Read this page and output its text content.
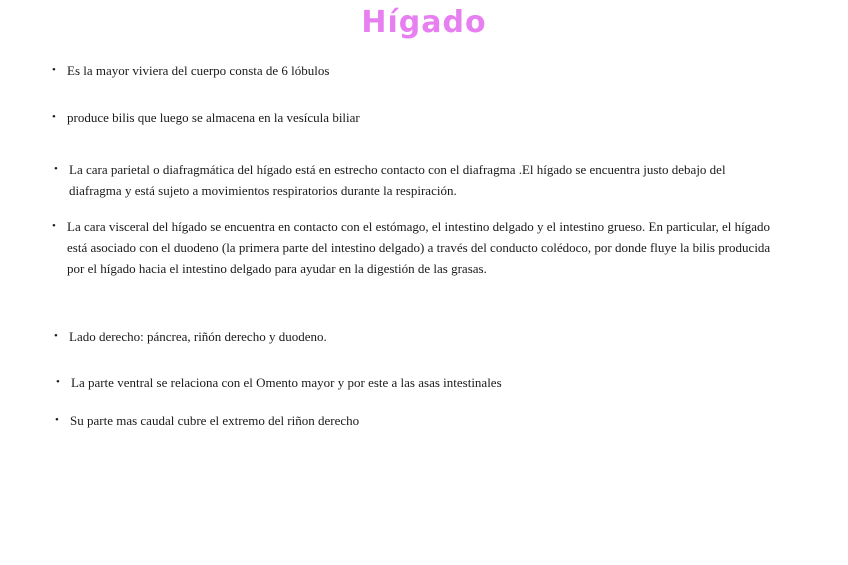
Hígado
• Es la mayor viviera del cuerpo consta de 6 lóbulos
• produce bilis que luego se almacena en la vesícula biliar
• La cara parietal o diafragmática del hígado está en estrecho contacto con el diafragma .El hígado se encuentra justo debajo del diafragma y está sujeto a movimientos respiratorios durante la respiración.
• La cara visceral del hígado se encuentra en contacto con el estómago, el intestino delgado y el intestino grueso. En particular, el hígado está asociado con el duodeno (la primera parte del intestino delgado) a través del conducto colédoco, por donde fluye la bilis producida por el hígado hacia el intestino delgado para ayudar en la digestión de las grasas.
• Lado derecho: páncrea, riñón derecho y duodeno.
• La parte ventral se relaciona con el Omento mayor y por este a las asas intestinales
• Su parte mas caudal cubre el extremo del riñon derecho
